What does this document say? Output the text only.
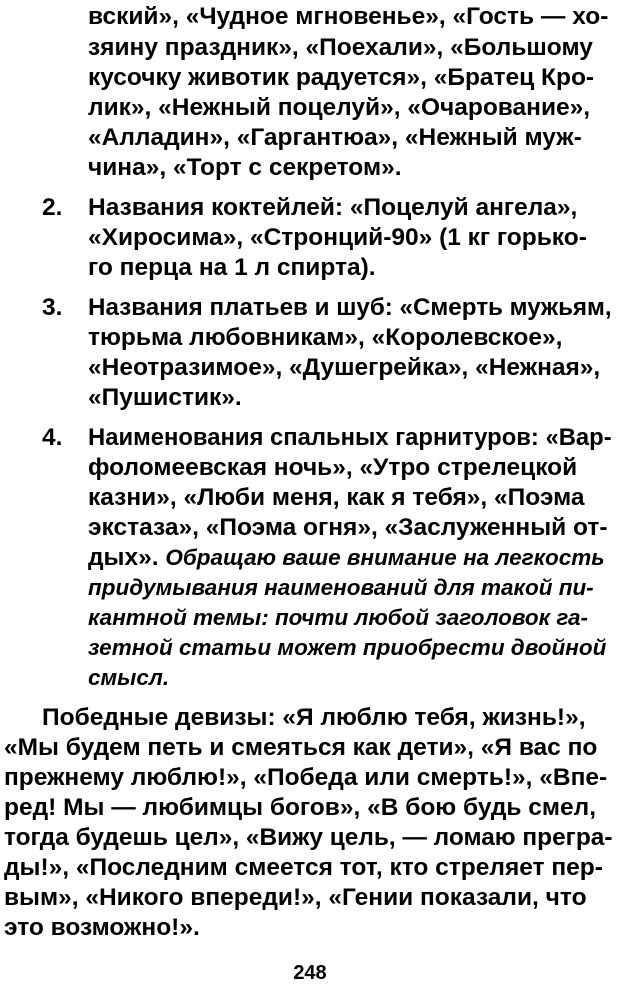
вский», «Чудное мгновенье», «Гость — хо-
зяину праздник», «Поехали», «Большому
кусочку животик радуется», «Братец Кро-
лик», «Нежный поцелуй», «Очарование»,
«Алладин», «Гаргантюа», «Нежный муж-
чина», «Торт с секретом».
2. Названия коктейлей: «Поцелуй ангела»,
«Хиросима», «Стронций-90» (1 кг горько-
го перца на 1 л спирта).
3. Названия платьев и шуб: «Смерть мужьям,
тюрьма любовникам», «Королевское»,
«Неотразимое», «Душегрейка», «Нежная»,
«Пушистик».
4. Наименования спальных гарнитуров: «Вар-
фоломеевская ночь», «Утро стрелецкой
казни», «Люби меня, как я тебя», «Поэма
экстаза», «Поэма огня», «Заслуженный от-
дых». Обращаю ваше внимание на легкость
придумывания наименований для такой пи-
кантной темы: почти любой заголовок га-
зетной статьи может приобрести двойной
смысл.
Победные девизы: «Я люблю тебя, жизнь!»,
«Мы будем петь и смеяться как дети», «Я вас по
прежнему люблю!», «Победа или смерть!», «Впе-
ред! Мы — любимцы богов», «В бою будь смел,
тогда будешь цел», «Вижу цель, — ломаю прегра-
ды!», «Последним смеется тот, кто стреляет пер-
вым», «Никого впереди!», «Гении показали, что
это возможно!».
248
